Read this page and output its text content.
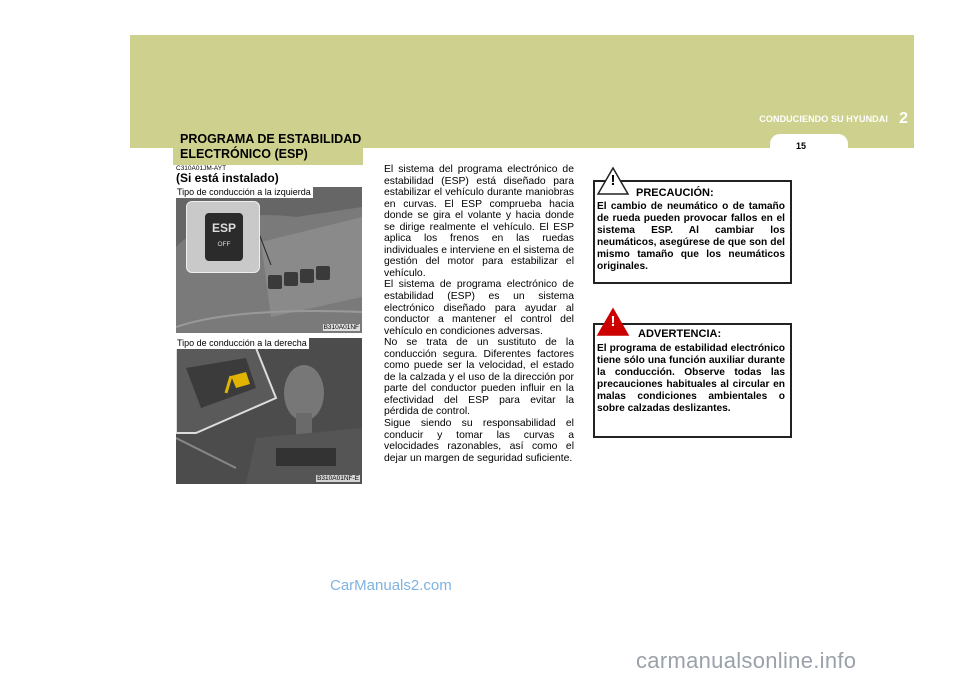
2
CONDUCIENDO SU HYUNDAI
15
PROGRAMA DE ESTABILIDAD ELECTRÓNICO (ESP)
C310A01JM-AYT
(Si está instalado)
Tipo de conducción a la izquierda
ESP
OFF
B310A01NF
Tipo de conducción a la derecha
B310A01NF-E

El sistema del programa electrónico de estabilidad (ESP) está diseñado para estabilizar el vehículo durante maniobras en curvas. El ESP comprueba hacia donde se gira el volante y hacia donde se dirige realmente el vehículo. El ESP aplica los frenos en las ruedas individuales e interviene en el sistema de gestión del motor para estabilizar el vehículo.

El sistema de programa electrónico de estabilidad (ESP) es un sistema electrónico diseñado para ayudar al conductor a mantener el control del vehículo en condiciones adversas.

No se trata de un sustituto de la conducción segura. Diferentes factores como puede ser la velocidad, el estado de la calzada y el uso de la dirección por parte del conductor pueden influir en la efectividad del ESP para evitar la pérdida de control.

Sigue siendo su responsabilidad el conducir y tomar las curvas a velocidades razonables, así como el dejar un margen de seguridad suficiente.

!
PRECAUCIÓN:
El cambio de neumático o de tamaño de rueda pueden provocar fallos en el sistema ESP. Al cambiar los neumáticos, asegúrese de que son del mismo tamaño que los neumáticos originales.
!
ADVERTENCIA:
El programa de estabilidad electrónico tiene sólo una función auxiliar durante la conducción. Observe todas las precauciones habituales al circular en malas condiciones ambientales o sobre calzadas deslizantes.
CarManuals2.com
carmanualsonline.info
